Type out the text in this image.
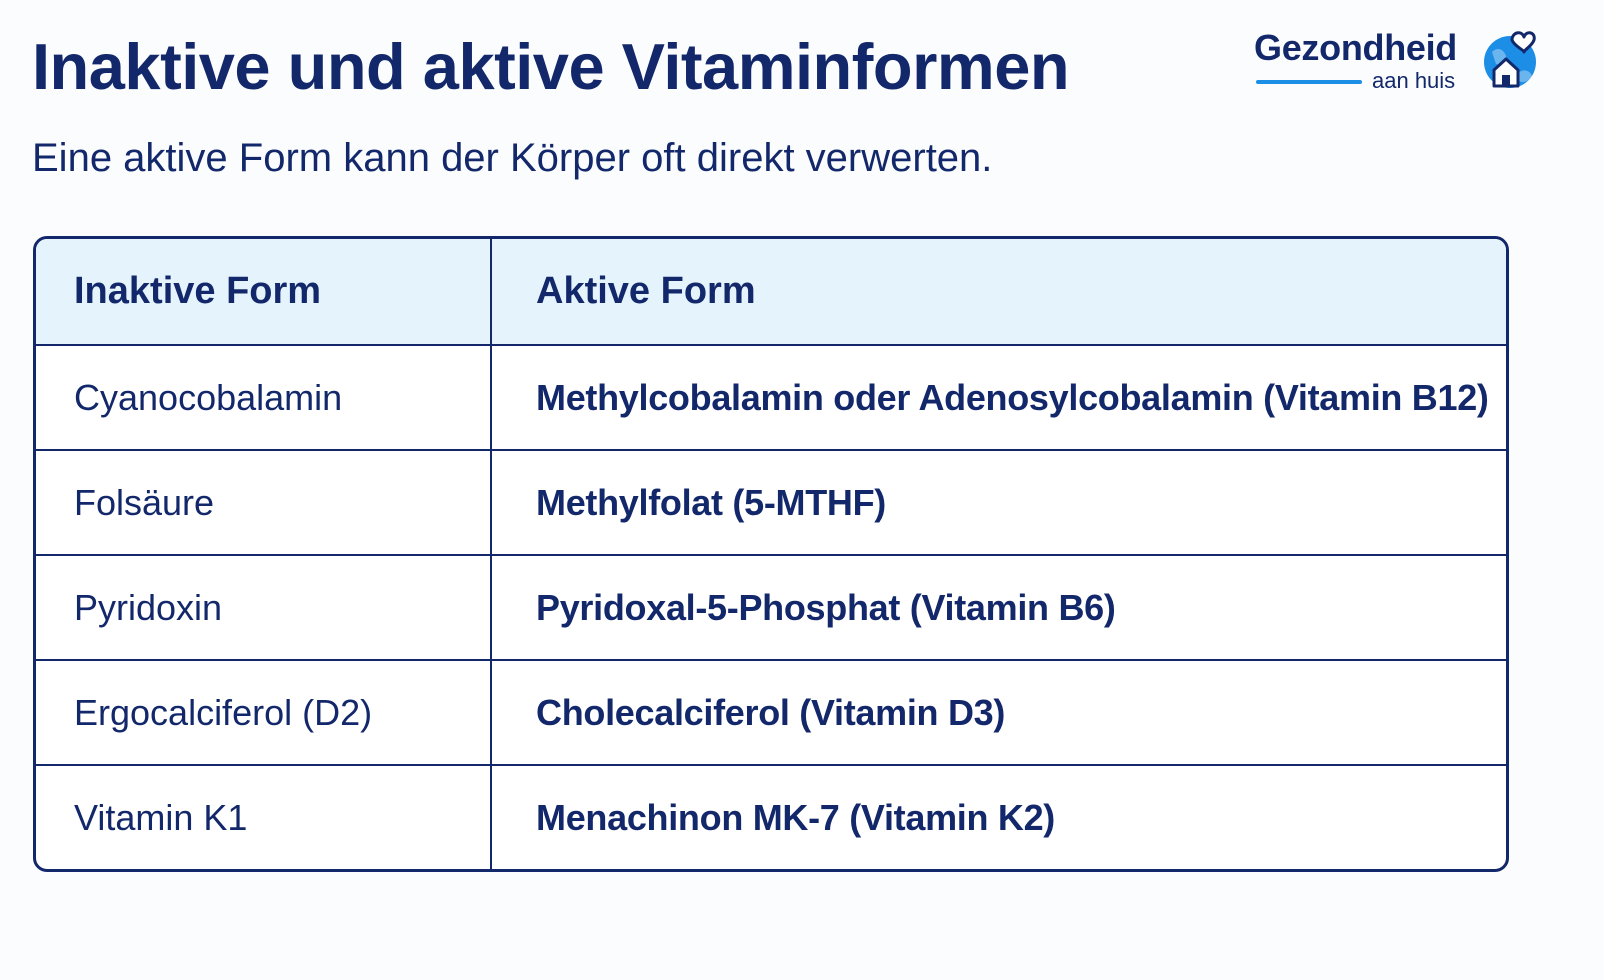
Inaktive und aktive Vitaminformen

Eine aktive Form kann der Körper oft direkt verwerten.

Gezondheid
aan huis
Inaktive Form	Aktive Form
Cyanocobalamin	Methylcobalamin oder Adenosylcobalamin (Vitamin B12)
Folsäure	Methylfolat (5-MTHF)
Pyridoxin	Pyridoxal-5-Phosphat (Vitamin B6)
Ergocalciferol (D2)	Cholecalciferol (Vitamin D3)
Vitamin K1	Menachinon MK-7 (Vitamin K2)
